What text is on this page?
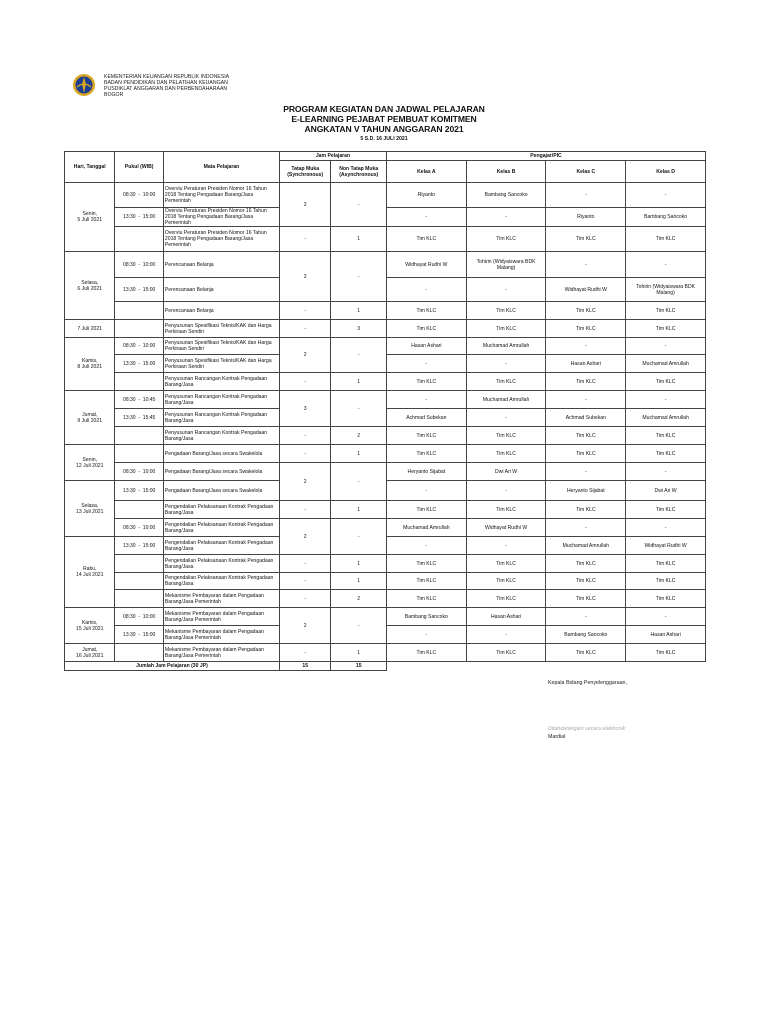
KEMENTERIAN KEUANGAN REPUBLIK INDONESIA
BADAN PENDIDIKAN DAN PELATIHAN KEUANGAN
PUSDIKLAT ANGGARAN DAN PERBENDAHARAAN
BOGOR
PROGRAM KEGIATAN DAN JADWAL PELAJARAN
E-LEARNING PEJABAT PEMBUAT KOMITMEN
ANGKATAN V TAHUN ANGGARAN 2021
5 S.D. 16 JULI 2021
Hari, Tanggal	Pukul (WIB)	Mata Pelajaran	Jam Pelajaran		Pengajar/PIC			
			Tatap Muka (Synchronous)	Non Tatap Muka (Asynchronous)	Kelas A	Kelas B	Kelas C	Kelas D

Senin,
5 Juli 2021	08:30  -  10:00	Overviu Peraturan Presiden Nomor 16 Tahun 2018 Tentang Pengadaan Barang/Jasa Pemerintah	2	-	Riyanto	Bambang Sancoko	-	-
	13:30  -  15:00	Overviu Peraturan Presiden Nomor 16 Tahun 2018 Tentang Pengadaan Barang/Jasa Pemerintah			-	-	Riyanto	Bambang Sancoko
		Overviu Peraturan Presiden Nomor 16 Tahun 2018 Tentang Pengadaan Barang/Jasa Pemerintah	-	1	Tim KLC	Tim KLC	Tim KLC	Tim KLC

Selasa,
6 Juli 2021	08:30  -  10:00	Perencanaan Belanja	2	-	Widhayat Rudhi W	Tohirin (Widyaiswara BDK Malang)	-	-
	13:30  -  15:00	Perencanaan Belanja			-	-	Widhayat Rudhi W	Tohirin (Widyaiswara BDK Malang)
		Perencanaan Belanja	-	1	Tim KLC	Tim KLC	Tim KLC	Tim KLC

7 Juli 2021		Penyusunan Spesifikasi Teknis/KAK dan Harga Perkiraan Sendiri	-	3	Tim KLC	Tim KLC	Tim KLC	Tim KLC

Kamis,
8 Juli 2021	08:30  -  10:00	Penyusunan Spesifikasi Teknis/KAK dan Harga Perkiraan Sendiri	2	-	Hasan Ashari	Muchamad Amrullah	-	-
	13:30  -  15:00	Penyusunan Spesifikasi Teknis/KAK dan Harga Perkiraan Sendiri			-	-	Hasan Ashari	Muchamad Amrullah
		Penyusunan Rancangan Kontrak Pengadaan Barang/Jasa	-	1	Tim KLC	Tim KLC	Tim KLC	Tim KLC

Jumat,
9 Juli 2021	08:30  -  10:45	Penyusunan Rancangan Kontrak Pengadaan Barang/Jasa	3	-	-	Muchamad Amrullah	-	-
	13:30  -  15:45	Penyusunan Rancangan Kontrak Pengadaan Barang/Jasa			Achmad Subekan	-	Achmad Subekan	Muchamad Amrullah
		Penyusunan Rancangan Kontrak Pengadaan Barang/Jasa	-	2	Tim KLC	Tim KLC	Tim KLC	Tim KLC

Senin,
12 Juli 2021		Pengadaan Barang/Jasa secara Swakelola	-	1	Tim KLC	Tim KLC	Tim KLC	Tim KLC
	08:30  -  10:00	Pengadaan Barang/Jasa secara Swakelola	2	-	Heryanto Sijabat	Dwi Ari W	-	-

Selasa,
13 Juli 2021	13:30  -  15:00	Pengadaan Barang/Jasa secara Swakelola			-	-	Heryanto Sijabat	Dwi Ari W
		Pengendalian Pelaksanaan Kontrak Pengadaan Barang/Jasa	-	1	Tim KLC	Tim KLC	Tim KLC	Tim KLC
	08:30  -  10:00	Pengendalian Pelaksanaan Kontrak Pengadaan Barang/Jasa	2	-	Muchamad Amrullah	Widhayat Rudhi W	-	-

Rabu,
14 Juli 2021	13:30  -  15:00	Pengendalian Pelaksanaan Kontrak Pengadaan Barang/Jasa			-	-	Muchamad Amrullah	Widhayat Rudhi W
		Pengendalian Pelaksanaan Kontrak Pengadaan Barang/Jasa	-	1	Tim KLC	Tim KLC	Tim KLC	Tim KLC
		Pengendalian Pelaksanaan Kontrak Pengadaan Barang/Jasa	-	1	Tim KLC	Tim KLC	Tim KLC	Tim KLC
		Mekanisme Pembayaran dalam Pengadaan Barang/Jasa Pemerintah	-	2	Tim KLC	Tim KLC	Tim KLC	Tim KLC

Kamis,
15 Juli 2021	08:30  -  10:00	Mekanisme Pembayaran dalam Pengadaan Barang/Jasa Pemerintah	2	-	Bambang Sancoko	Hasan Ashari	-	-
	13:30  -  15:00	Mekanisme Pembayaran dalam Pengadaan Barang/Jasa Pemerintah			-	-	Bambang Sancoko	Hasan Ashari

Jumat,
16 Juli 2021		Mekanisme Pembayaran dalam Pengadaan Barang/Jasa Pemerintah	-	1	Tim KLC	Tim KLC	Tim KLC	Tim KLC
Jumlah Jam Pelajaran (30 JP)			15	15				
Kepala Bidang Penyelenggaraan,
Ditandatangani secara elektronik
Mardial
